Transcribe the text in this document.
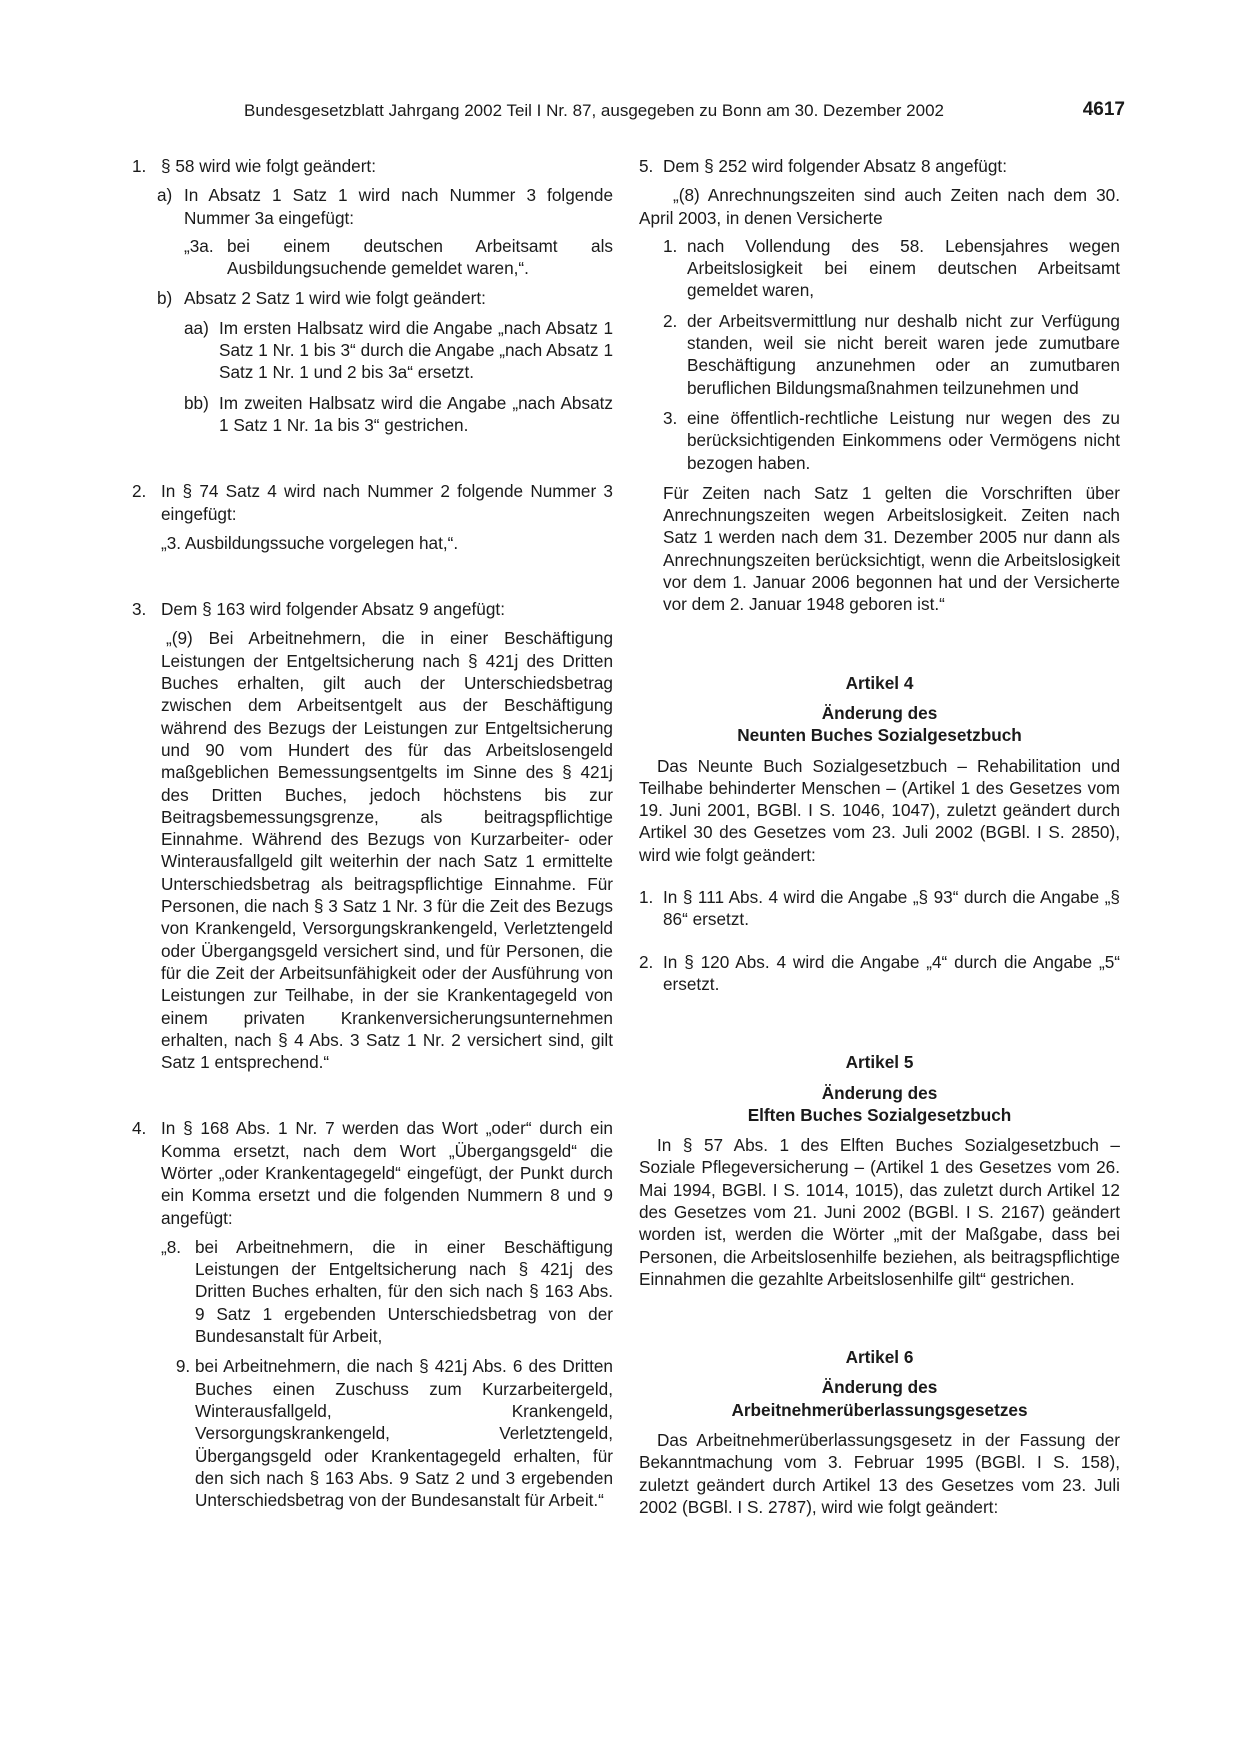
Bundesgesetzblatt Jahrgang 2002 Teil I Nr. 87, ausgegeben zu Bonn am 30. Dezember 2002	4617
1. § 58 wird wie folgt geändert:
a) In Absatz 1 Satz 1 wird nach Nummer 3 folgende Nummer 3a eingefügt:
„3a. bei einem deutschen Arbeitsamt als Ausbildungsuchende gemeldet waren,“.
b) Absatz 2 Satz 1 wird wie folgt geändert:
aa) Im ersten Halbsatz wird die Angabe „nach Absatz 1 Satz 1 Nr. 1 bis 3“ durch die Angabe „nach Absatz 1 Satz 1 Nr. 1 und 2 bis 3a“ ersetzt.
bb) Im zweiten Halbsatz wird die Angabe „nach Absatz 1 Satz 1 Nr. 1a bis 3“ gestrichen.
2. In § 74 Satz 4 wird nach Nummer 2 folgende Nummer 3 eingefügt:

„3. Ausbildungssuche vorgelegen hat,“.

3. Dem § 163 wird folgender Absatz 9 angefügt:

„(9) Bei Arbeitnehmern, die in einer Beschäftigung Leistungen der Entgeltsicherung nach § 421j des Dritten Buches erhalten, gilt auch der Unterschiedsbetrag zwischen dem Arbeitsentgelt aus der Beschäftigung während des Bezugs der Leistungen zur Entgeltsicherung und 90 vom Hundert des für das Arbeitslosengeld maßgeblichen Bemessungsentgelts im Sinne des § 421j des Dritten Buches, jedoch höchstens bis zur Beitragsbemessungsgrenze, als beitragspflichtige Einnahme. Während des Bezugs von Kurzarbeiter- oder Winterausfallgeld gilt weiterhin der nach Satz 1 ermittelte Unterschiedsbetrag als beitragspflichtige Einnahme. Für Personen, die nach § 3 Satz 1 Nr. 3 für die Zeit des Bezugs von Krankengeld, Versorgungskrankengeld, Verletztengeld oder Übergangsgeld versichert sind, und für Personen, die für die Zeit der Arbeitsunfähigkeit oder der Ausführung von Leistungen zur Teilhabe, in der sie Krankentagegeld von einem privaten Krankenversicherungsunternehmen erhalten, nach § 4 Abs. 3 Satz 1 Nr. 2 versichert sind, gilt Satz 1 entsprechend.“

4. In § 168 Abs. 1 Nr. 7 werden das Wort „oder“ durch ein Komma ersetzt, nach dem Wort „Übergangsgeld“ die Wörter „oder Krankentagegeld“ eingefügt, der Punkt durch ein Komma ersetzt und die folgenden Nummern 8 und 9 angefügt:
„8. bei Arbeitnehmern, die in einer Beschäftigung Leistungen der Entgeltsicherung nach § 421j des Dritten Buches erhalten, für den sich nach § 163 Abs. 9 Satz 1 ergebenden Unterschiedsbetrag von der Bundesanstalt für Arbeit,
9. bei Arbeitnehmern, die nach § 421j Abs. 6 des Dritten Buches einen Zuschuss zum Kurzarbeitergeld, Winterausfallgeld, Krankengeld, Versorgungskrankengeld, Verletztengeld, Übergangsgeld oder Krankentagegeld erhalten, für den sich nach § 163 Abs. 9 Satz 2 und 3 ergebenden Unterschiedsbetrag von der Bundesanstalt für Arbeit.“
5. Dem § 252 wird folgender Absatz 8 angefügt:

„(8) Anrechnungszeiten sind auch Zeiten nach dem 30. April 2003, in denen Versicherte

1. nach Vollendung des 58. Lebensjahres wegen Arbeitslosigkeit bei einem deutschen Arbeitsamt gemeldet waren,
2. der Arbeitsvermittlung nur deshalb nicht zur Verfügung standen, weil sie nicht bereit waren jede zumutbare Beschäftigung anzunehmen oder an zumutbaren beruflichen Bildungsmaßnahmen teilzunehmen und
3. eine öffentlich-rechtliche Leistung nur wegen des zu berücksichtigenden Einkommens oder Vermögens nicht bezogen haben.

Für Zeiten nach Satz 1 gelten die Vorschriften über Anrechnungszeiten wegen Arbeitslosigkeit. Zeiten nach Satz 1 werden nach dem 31. Dezember 2005 nur dann als Anrechnungszeiten berücksichtigt, wenn die Arbeitslosigkeit vor dem 1. Januar 2006 begonnen hat und der Versicherte vor dem 2. Januar 1948 geboren ist.“

Artikel 4

Änderung des

Neunten Buches Sozialgesetzbuch

Das Neunte Buch Sozialgesetzbuch – Rehabilitation und Teilhabe behinderter Menschen – (Artikel 1 des Gesetzes vom 19. Juni 2001, BGBl. I S. 1046, 1047), zuletzt geändert durch Artikel 30 des Gesetzes vom 23. Juli 2002 (BGBl. I S. 2850), wird wie folgt geändert:

1. In § 111 Abs. 4 wird die Angabe „§ 93“ durch die Angabe „§ 86“ ersetzt.
2. In § 120 Abs. 4 wird die Angabe „4“ durch die Angabe „5“ ersetzt.

Artikel 5

Änderung des

Elften Buches Sozialgesetzbuch

In § 57 Abs. 1 des Elften Buches Sozialgesetzbuch – Soziale Pflegeversicherung – (Artikel 1 des Gesetzes vom 26. Mai 1994, BGBl. I S. 1014, 1015), das zuletzt durch Artikel 12 des Gesetzes vom 21. Juni 2002 (BGBl. I S. 2167) geändert worden ist, werden die Wörter „mit der Maßgabe, dass bei Personen, die Arbeitslosenhilfe beziehen, als beitragspflichtige Einnahmen die gezahlte Arbeitslosenhilfe gilt“ gestrichen.

Artikel 6

Änderung des

Arbeitnehmerüberlassungsgesetzes

Das Arbeitnehmerüberlassungsgesetz in der Fassung der Bekanntmachung vom 3. Februar 1995 (BGBl. I S. 158), zuletzt geändert durch Artikel 13 des Gesetzes vom 23. Juli 2002 (BGBl. I S. 2787), wird wie folgt geändert:
